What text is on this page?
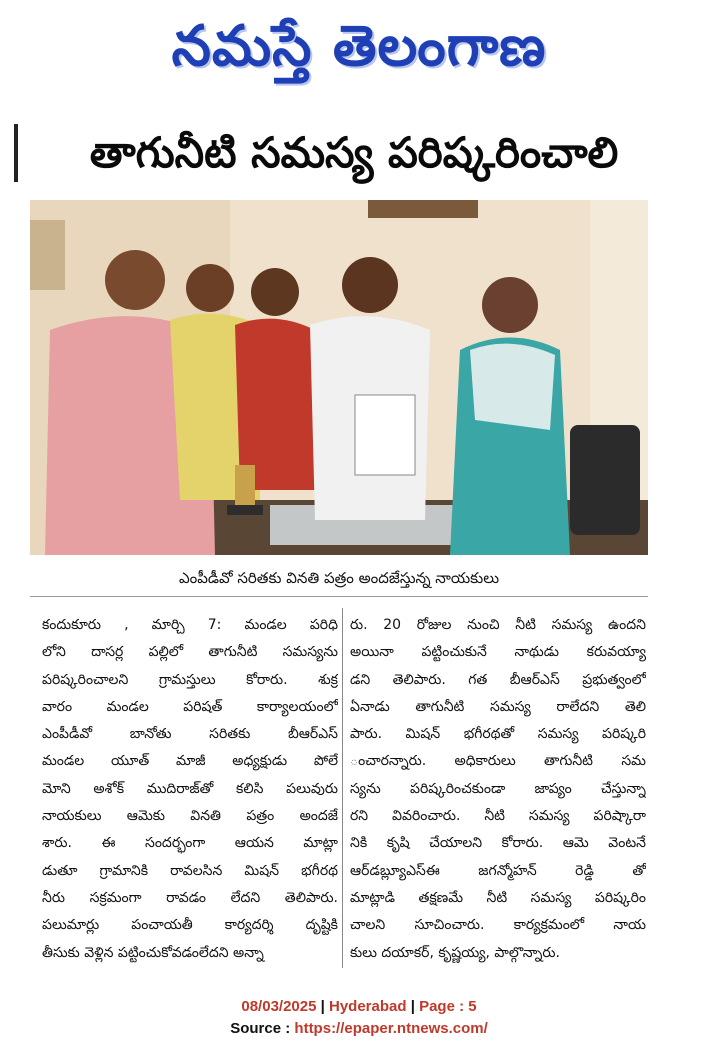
నమస్తే తెలంగాణ
తాగునీటి సమస్య పరిష్కరించాలి
ఎంపీడీవో సరితకు వినతి పత్రం అందజేస్తున్న నాయకులు
కందుకూరు , మార్చి 7: మండల పరిధి
లోని దాసర్ల పల్లిలో తాగునీటి సమస్యను
పరిష్కరించాలని గ్రామస్తులు కోరారు. శుక్ర
వారం మండల పరిషత్ కార్యాలయంలో
ఎంపీడీవో బానోతు సరితకు బీఆర్ఎస్
మండల యూత్ మాజీ అధ్యక్షుడు పోలే
మోని అశోక్ ముదిరాజ్‌తో కలిసి పలువురు
నాయకులు ఆమెకు వినతి పత్రం అందజే
శారు. ఈ సందర్భంగా ఆయన మాట్లా
డుతూ గ్రామానికి రావలసిన మిషన్ భగీరథ
నీరు సక్రమంగా రావడం లేదని తెలిపారు.
పలుమార్లు పంచాయతీ కార్యదర్శి దృష్టికి
తీసుకు వెళ్లిన పట్టించుకోవడంలేదని అన్నా
రు. 20 రోజుల నుంచి నీటి సమస్య ఉందని
అయినా పట్టించుకునే నాథుడు కరువయ్యా
డని తెలిపారు. గత బీఆర్ఎస్ ప్రభుత్వంలో
ఏనాడు తాగునీటి సమస్య రాలేదని తెలి
పారు. మిషన్ భగీరథతో సమస్య పరిష్కరి
ంచారన్నారు. అధికారులు తాగునీటి సమ
స్యను పరిష్కరించకుండా జాప్యం చేస్తున్నా
రని వివరించారు. నీటి సమస్య పరిష్కారా
నికి కృషి చేయాలని కోరారు. ఆమె వెంటనే
ఆర్‌డబ్ల్యూఎస్ఈ జగన్మోహన్ రెడ్డి తో
మాట్లాడి తక్షణమే నీటి సమస్య పరిష్కరిం
చాలని సూచించారు. కార్యక్రమంలో నాయ
కులు దయాకర్, కృష్ణయ్య, పాల్గొన్నారు.
08/03/2025 | Hyderabad | Page : 5
Source : https://epaper.ntnews.com/
